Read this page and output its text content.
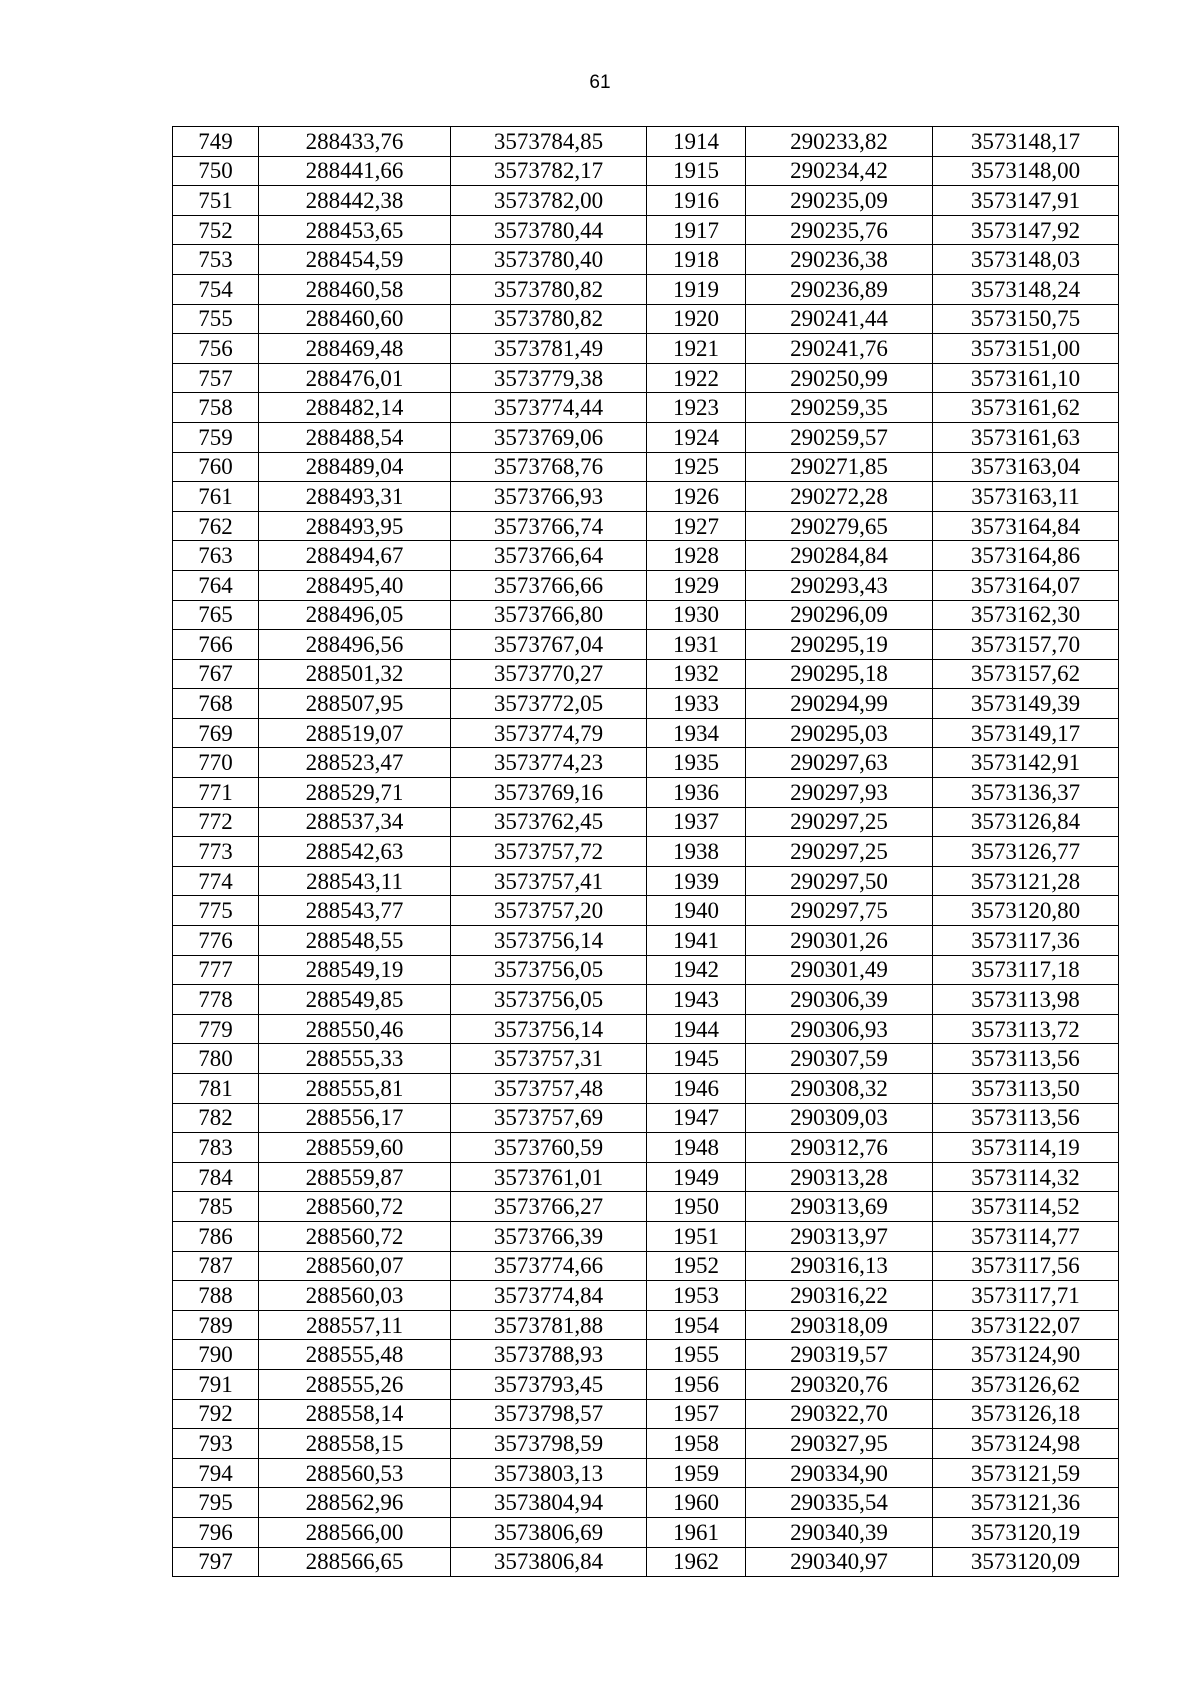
61
749	288433,76	3573784,85	1914	290233,82	3573148,17
750	288441,66	3573782,17	1915	290234,42	3573148,00
751	288442,38	3573782,00	1916	290235,09	3573147,91
752	288453,65	3573780,44	1917	290235,76	3573147,92
753	288454,59	3573780,40	1918	290236,38	3573148,03
754	288460,58	3573780,82	1919	290236,89	3573148,24
755	288460,60	3573780,82	1920	290241,44	3573150,75
756	288469,48	3573781,49	1921	290241,76	3573151,00
757	288476,01	3573779,38	1922	290250,99	3573161,10
758	288482,14	3573774,44	1923	290259,35	3573161,62
759	288488,54	3573769,06	1924	290259,57	3573161,63
760	288489,04	3573768,76	1925	290271,85	3573163,04
761	288493,31	3573766,93	1926	290272,28	3573163,11
762	288493,95	3573766,74	1927	290279,65	3573164,84
763	288494,67	3573766,64	1928	290284,84	3573164,86
764	288495,40	3573766,66	1929	290293,43	3573164,07
765	288496,05	3573766,80	1930	290296,09	3573162,30
766	288496,56	3573767,04	1931	290295,19	3573157,70
767	288501,32	3573770,27	1932	290295,18	3573157,62
768	288507,95	3573772,05	1933	290294,99	3573149,39
769	288519,07	3573774,79	1934	290295,03	3573149,17
770	288523,47	3573774,23	1935	290297,63	3573142,91
771	288529,71	3573769,16	1936	290297,93	3573136,37
772	288537,34	3573762,45	1937	290297,25	3573126,84
773	288542,63	3573757,72	1938	290297,25	3573126,77
774	288543,11	3573757,41	1939	290297,50	3573121,28
775	288543,77	3573757,20	1940	290297,75	3573120,80
776	288548,55	3573756,14	1941	290301,26	3573117,36
777	288549,19	3573756,05	1942	290301,49	3573117,18
778	288549,85	3573756,05	1943	290306,39	3573113,98
779	288550,46	3573756,14	1944	290306,93	3573113,72
780	288555,33	3573757,31	1945	290307,59	3573113,56
781	288555,81	3573757,48	1946	290308,32	3573113,50
782	288556,17	3573757,69	1947	290309,03	3573113,56
783	288559,60	3573760,59	1948	290312,76	3573114,19
784	288559,87	3573761,01	1949	290313,28	3573114,32
785	288560,72	3573766,27	1950	290313,69	3573114,52
786	288560,72	3573766,39	1951	290313,97	3573114,77
787	288560,07	3573774,66	1952	290316,13	3573117,56
788	288560,03	3573774,84	1953	290316,22	3573117,71
789	288557,11	3573781,88	1954	290318,09	3573122,07
790	288555,48	3573788,93	1955	290319,57	3573124,90
791	288555,26	3573793,45	1956	290320,76	3573126,62
792	288558,14	3573798,57	1957	290322,70	3573126,18
793	288558,15	3573798,59	1958	290327,95	3573124,98
794	288560,53	3573803,13	1959	290334,90	3573121,59
795	288562,96	3573804,94	1960	290335,54	3573121,36
796	288566,00	3573806,69	1961	290340,39	3573120,19
797	288566,65	3573806,84	1962	290340,97	3573120,09
